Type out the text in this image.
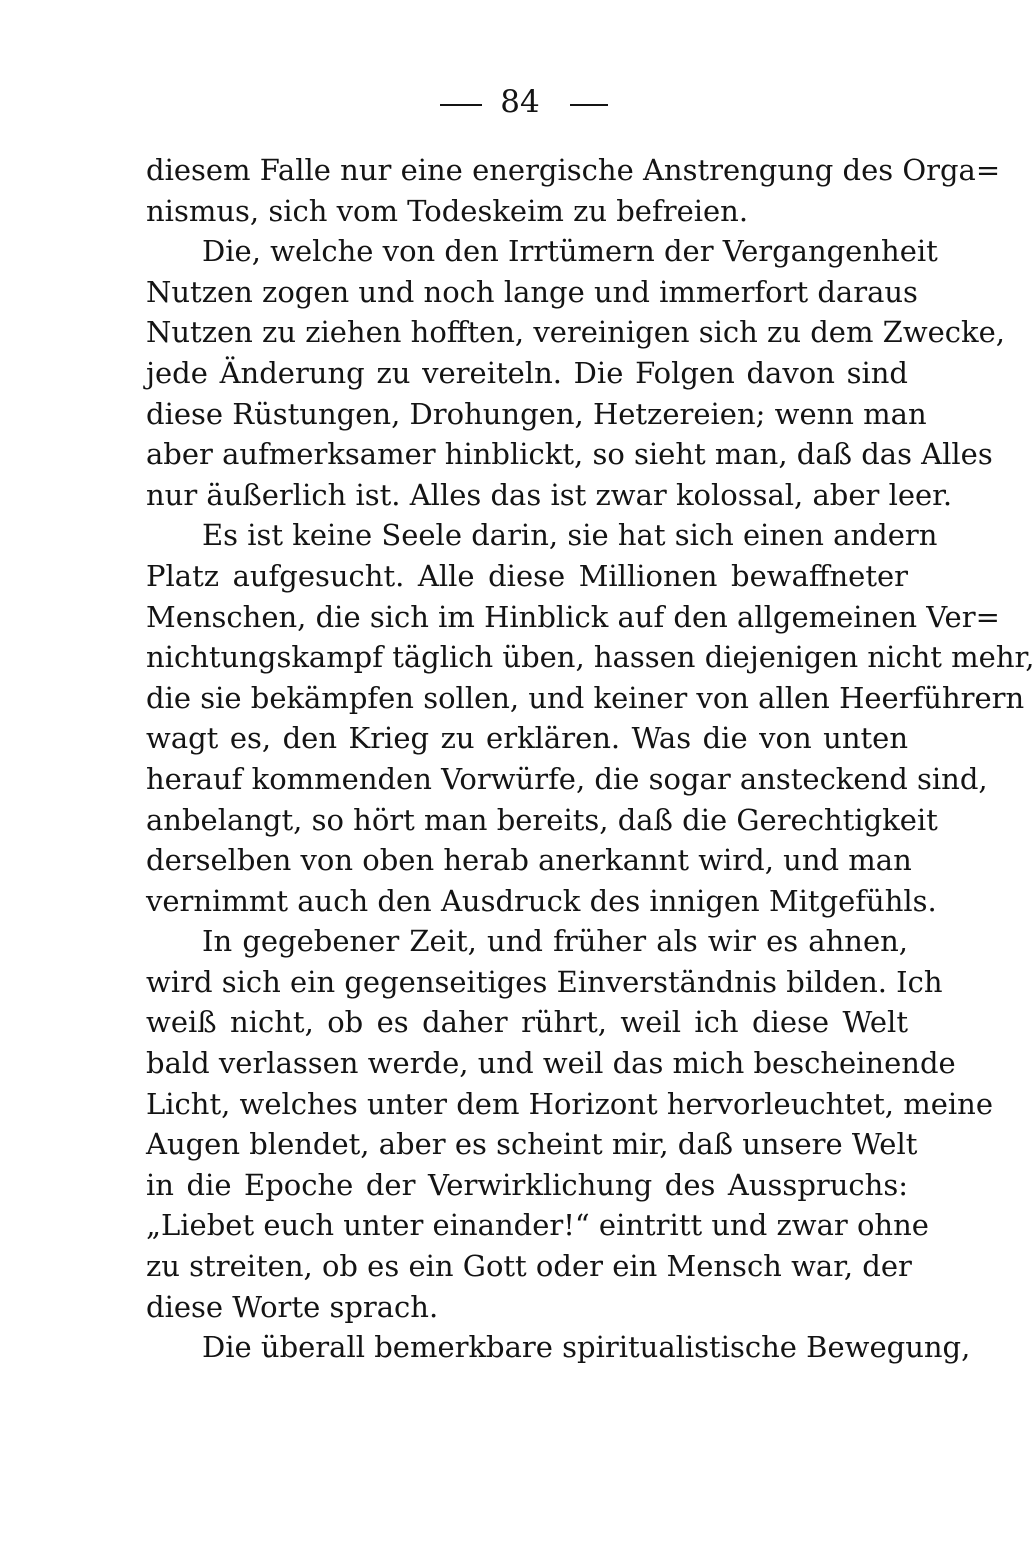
84
diesem Falle nur eine energische Anstrengung des Orga=
nismus, sich vom Todeskeim zu befreien.
Die, welche von den Irrtümern der Vergangenheit
Nutzen zogen und noch lange und immerfort daraus
Nutzen zu ziehen hofften, vereinigen sich zu dem Zwecke,
jede Änderung zu vereiteln. Die Folgen davon sind
diese Rüstungen, Drohungen, Hetzereien; wenn man
aber aufmerksamer hinblickt, so sieht man, daß das Alles
nur äußerlich ist. Alles das ist zwar kolossal, aber leer.
Es ist keine Seele darin, sie hat sich einen andern
Platz aufgesucht. Alle diese Millionen bewaffneter
Menschen, die sich im Hinblick auf den allgemeinen Ver=
nichtungskampf täglich üben, hassen diejenigen nicht mehr,
die sie bekämpfen sollen, und keiner von allen Heerführern
wagt es, den Krieg zu erklären. Was die von unten
herauf kommenden Vorwürfe, die sogar ansteckend sind,
anbelangt, so hört man bereits, daß die Gerechtigkeit
derselben von oben herab anerkannt wird, und man
vernimmt auch den Ausdruck des innigen Mitgefühls.
In gegebener Zeit, und früher als wir es ahnen,
wird sich ein gegenseitiges Einverständnis bilden. Ich
weiß nicht, ob es daher rührt, weil ich diese Welt
bald verlassen werde, und weil das mich bescheinende
Licht, welches unter dem Horizont hervorleuchtet, meine
Augen blendet, aber es scheint mir, daß unsere Welt
in die Epoche der Verwirklichung des Ausspruchs:
„Liebet euch unter einander!“ eintritt und zwar ohne
zu streiten, ob es ein Gott oder ein Mensch war, der
diese Worte sprach.
Die überall bemerkbare spiritualistische Bewegung,
